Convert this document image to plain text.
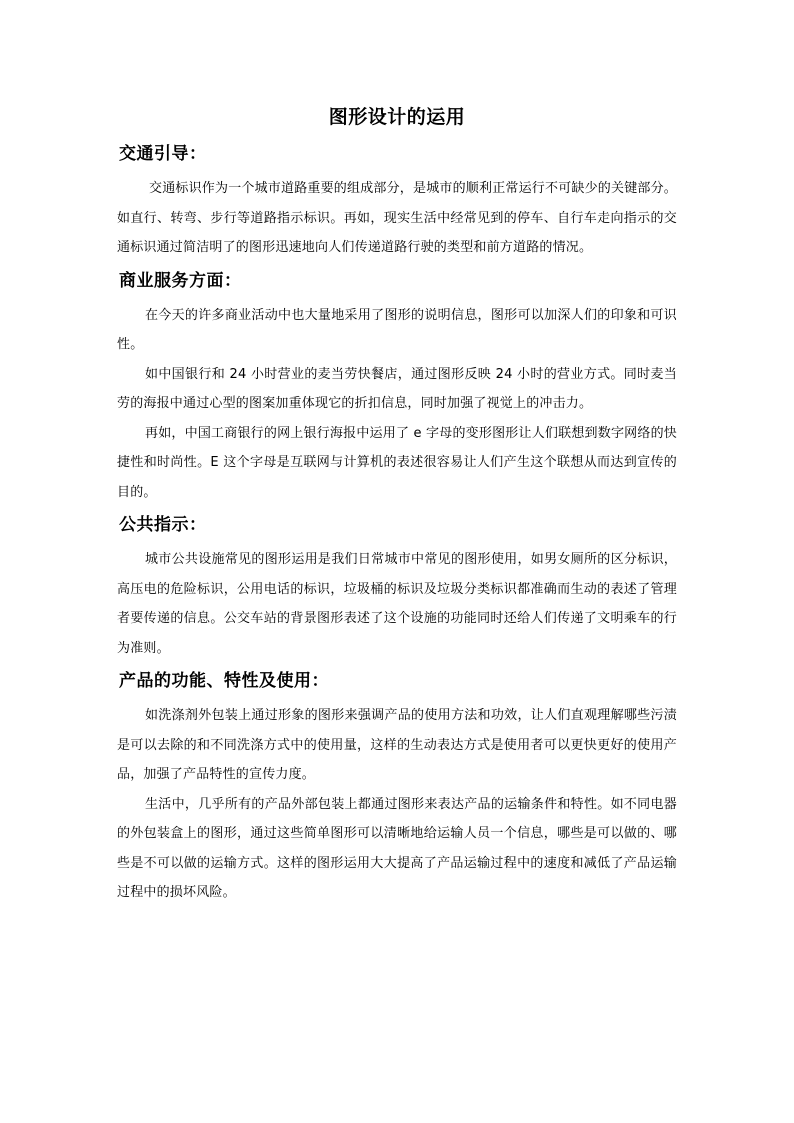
图形设计的运用
交通引导：

交通标识作为一个城市道路重要的组成部分，是城市的顺利正常运行不可缺少的关键部分。如直行、转弯、步行等道路指示标识。再如，现实生活中经常见到的停车、自行车走向指示的交通标识通过简洁明了的图形迅速地向人们传递道路行驶的类型和前方道路的情况。

商业服务方面：

在今天的许多商业活动中也大量地采用了图形的说明信息，图形可以加深人们的印象和可识性。

如中国银行和 24 小时营业的麦当劳快餐店，通过图形反映 24 小时的营业方式。同时麦当劳的海报中通过心型的图案加重体现它的折扣信息，同时加强了视觉上的冲击力。

再如，中国工商银行的网上银行海报中运用了 e 字母的变形图形让人们联想到数字网络的快捷性和时尚性。E 这个字母是互联网与计算机的表述很容易让人们产生这个联想从而达到宣传的目的。

公共指示：

城市公共设施常见的图形运用是我们日常城市中常见的图形使用，如男女厕所的区分标识，高压电的危险标识，公用电话的标识，垃圾桶的标识及垃圾分类标识都准确而生动的表述了管理者要传递的信息。公交车站的背景图形表述了这个设施的功能同时还给人们传递了文明乘车的行为准则。

产品的功能、特性及使用：

如洗涤剂外包装上通过形象的图形来强调产品的使用方法和功效，让人们直观理解哪些污渍是可以去除的和不同洗涤方式中的使用量，这样的生动表达方式是使用者可以更快更好的使用产品，加强了产品特性的宣传力度。

生活中，几乎所有的产品外部包装上都通过图形来表达产品的运输条件和特性。如不同电器的外包装盒上的图形，通过这些简单图形可以清晰地给运输人员一个信息，哪些是可以做的、哪些是不可以做的运输方式。这样的图形运用大大提高了产品运输过程中的速度和减低了产品运输过程中的损坏风险。
